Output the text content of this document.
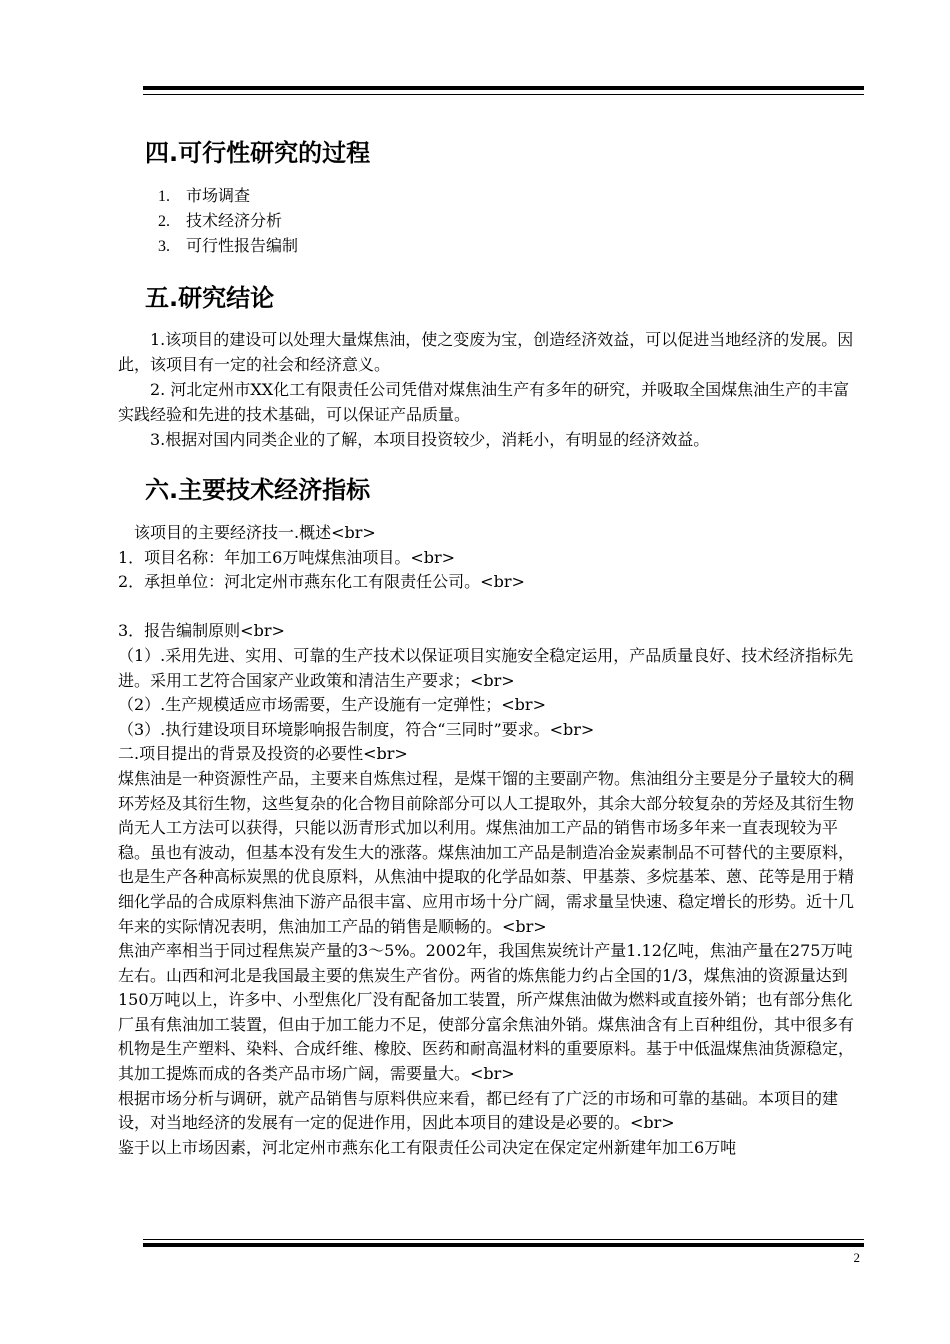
四.可行性研究的过程
1. 市场调查
2. 技术经济分析
3. 可行性报告编制
五.研究结论

1.该项目的建设可以处理大量煤焦油，使之变废为宝，创造经济效益，可以促进当地经济的发展。因此，该项目有一定的社会和经济意义。

2. 河北定州市XX化工有限责任公司凭借对煤焦油生产有多年的研究，并吸取全国煤焦油生产的丰富实践经验和先进的技术基础，可以保证产品质量。

3.根据对国内同类企业的了解，本项目投资较少，消耗小，有明显的经济效益。

六.主要技术经济指标

该项目的主要经济技一.概述<br>

1．项目名称：年加工6万吨煤焦油项目。<br>

2．承担单位：河北定州市燕东化工有限责任公司。<br>

3．报告编制原则<br>

（1）.采用先进、实用、可靠的生产技术以保证项目实施安全稳定运用，产品质量良好、技术经济指标先进。采用工艺符合国家产业政策和清洁生产要求；<br>

（2）.生产规模适应市场需要，生产设施有一定弹性；<br>

（3）.执行建设项目环境影响报告制度，符合“三同时”要求。<br>

二.项目提出的背景及投资的必要性<br>

煤焦油是一种资源性产品，主要来自炼焦过程，是煤干馏的主要副产物。焦油组分主要是分子量较大的稠环芳烃及其衍生物，这些复杂的化合物目前除部分可以人工提取外，其余大部分较复杂的芳烃及其衍生物尚无人工方法可以获得，只能以沥青形式加以利用。煤焦油加工产品的销售市场多年来一直表现较为平稳。虽也有波动，但基本没有发生大的涨落。煤焦油加工产品是制造冶金炭素制品不可替代的主要原料，也是生产各种高标炭黑的优良原料，从焦油中提取的化学品如萘、甲基萘、多烷基苯、蒽、芘等是用于精细化学品的合成原料焦油下游产品很丰富、应用市场十分广阔，需求量呈快速、稳定增长的形势。近十几年来的实际情况表明，焦油加工产品的销售是顺畅的。<br>

焦油产率相当于同过程焦炭产量的3～5%。2002年，我国焦炭统计产量1.12亿吨，焦油产量在275万吨左右。山西和河北是我国最主要的焦炭生产省份。两省的炼焦能力约占全国的1/3，煤焦油的资源量达到150万吨以上，许多中、小型焦化厂没有配备加工装置，所产煤焦油做为燃料或直接外销；也有部分焦化厂虽有焦油加工装置，但由于加工能力不足，使部分富余焦油外销。煤焦油含有上百种组份，其中很多有机物是生产塑料、染料、合成纤维、橡胶、医药和耐高温材料的重要原料。基于中低温煤焦油货源稳定，其加工提炼而成的各类产品市场广阔，需要量大。<br>

根据市场分析与调研，就产品销售与原料供应来看，都已经有了广泛的市场和可靠的基础。本项目的建设，对当地经济的发展有一定的促进作用，因此本项目的建设是必要的。<br>

鉴于以上市场因素，河北定州市燕东化工有限责任公司决定在保定定州新建年加工6万吨

2
